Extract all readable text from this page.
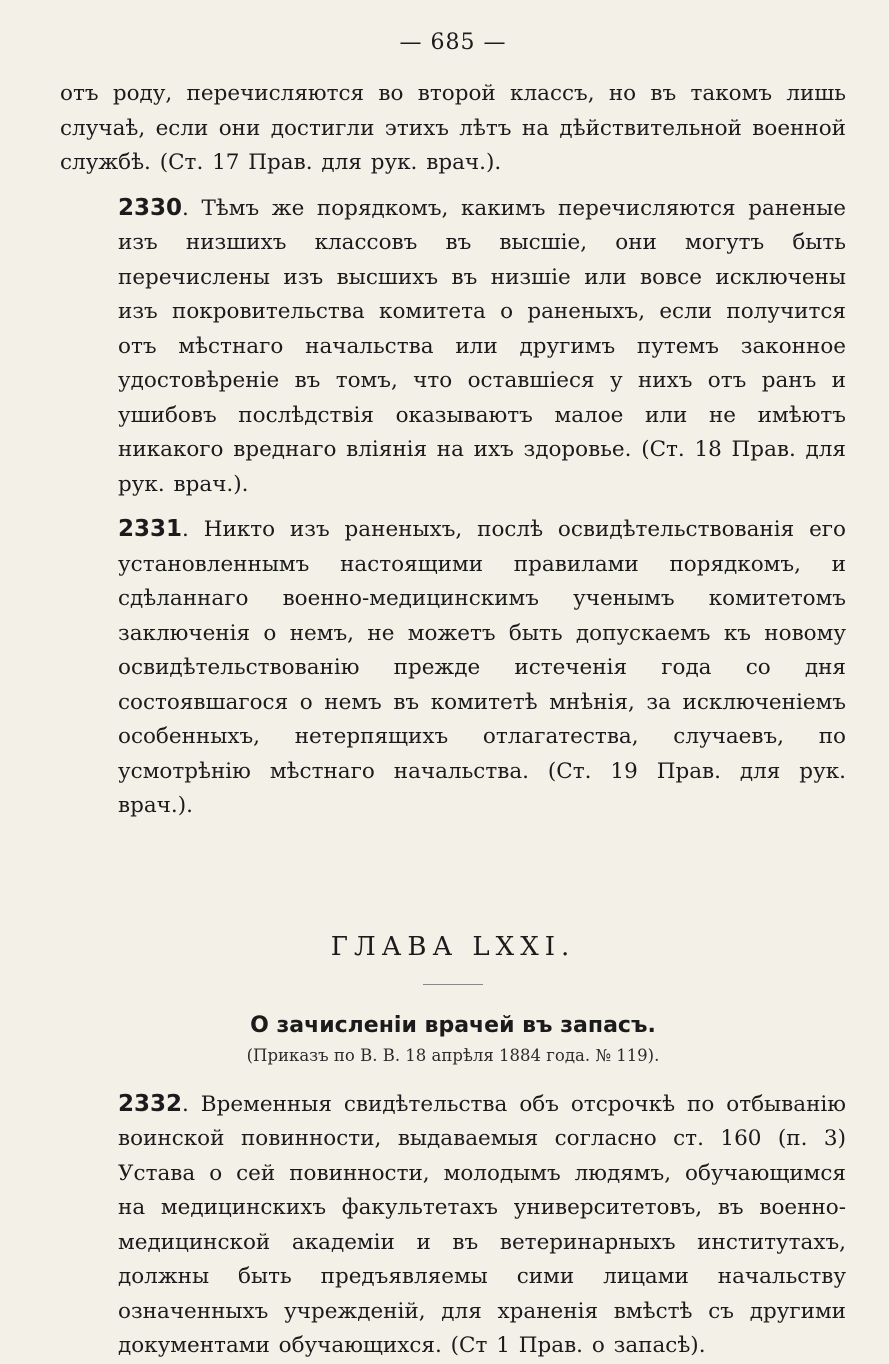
— 685 —

отъ роду, перечисляются во второй классъ, но въ такомъ лишь случаѣ, если они достигли этихъ лѣтъ на дѣйствительной военной службѣ. (Ст. 17 Прав. для рук. врач.).

2330. Тѣмъ же порядкомъ, какимъ перечисляются раненые изъ низшихъ классовъ въ высшіе, они могутъ быть перечислены изъ высшихъ въ низшіе или вовсе исключены изъ покровительства комитета о раненыхъ, если получится отъ мѣстнаго начальства или другимъ путемъ законное удостовѣреніе въ томъ, что оставшіеся у нихъ отъ ранъ и ушибовъ послѣдствія оказываютъ малое или не имѣютъ никакого вреднаго вліянія на ихъ здоровье. (Ст. 18 Прав. для рук. врач.).

2331. Никто изъ раненыхъ, послѣ освидѣтельствованія его установленнымъ настоящими правилами порядкомъ, и сдѣланнаго военно-медицинскимъ ученымъ комитетомъ заключенія о немъ, не можетъ быть допускаемъ къ новому освидѣтельствованію прежде истеченія года со дня состоявшагося о немъ въ комитетѣ мнѣнія, за исключеніемъ особенныхъ, нетерпящихъ отлагатества, случаевъ, по усмотрѣнію мѣстнаго начальства. (Ст. 19 Прав. для рук. врач.).

ГЛАВА LXXI.
О зачисленіи врачей въ запасъ.
(Приказъ по В. В. 18 апрѣля 1884 года. № 119).

2332. Временныя свидѣтельства объ отсрочкѣ по отбыванію воинской повинности, выдаваемыя согласно ст. 160 (п. 3) Устава о сей повинности, молодымъ людямъ, обучающимся на медицинскихъ факультетахъ университетовъ, въ военно-медицинской академіи и въ ветеринарныхъ институтахъ, должны быть предъявляемы сими лицами начальству означенныхъ учрежденій, для храненія вмѣстѣ съ другими документами обучающихся. (Ст 1 Прав. о запасѣ).
